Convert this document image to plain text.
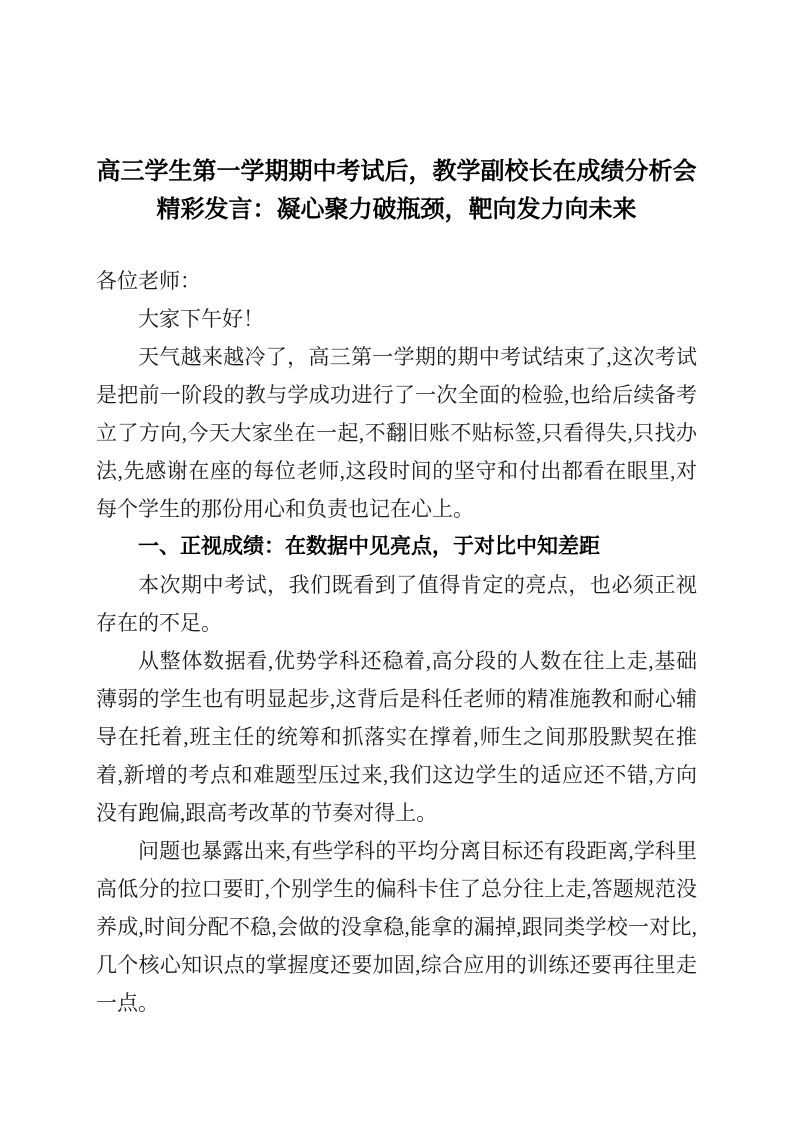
高三学生第一学期期中考试后，教学副校长在成绩分析会精彩发言：凝心聚力破瓶颈，靶向发力向未来

各位老师：

大家下午好！

天气越来越冷了，高三第一学期的期中考试结束了,这次考试是把前一阶段的教与学成功进行了一次全面的检验,也给后续备考立了方向,今天大家坐在一起,不翻旧账不贴标签,只看得失,只找办法,先感谢在座的每位老师,这段时间的坚守和付出都看在眼里,对每个学生的那份用心和负责也记在心上。

一、正视成绩：在数据中见亮点，于对比中知差距

本次期中考试，我们既看到了值得肯定的亮点，也必须正视存在的不足。

从整体数据看,优势学科还稳着,高分段的人数在往上走,基础薄弱的学生也有明显起步,这背后是科任老师的精准施教和耐心辅导在托着,班主任的统筹和抓落实在撑着,师生之间那股默契在推着,新增的考点和难题型压过来,我们这边学生的适应还不错,方向没有跑偏,跟高考改革的节奏对得上。

问题也暴露出来,有些学科的平均分离目标还有段距离,学科里高低分的拉口要盯,个别学生的偏科卡住了总分往上走,答题规范没养成,时间分配不稳,会做的没拿稳,能拿的漏掉,跟同类学校一对比,几个核心知识点的掌握度还要加固,综合应用的训练还要再往里走一点。
